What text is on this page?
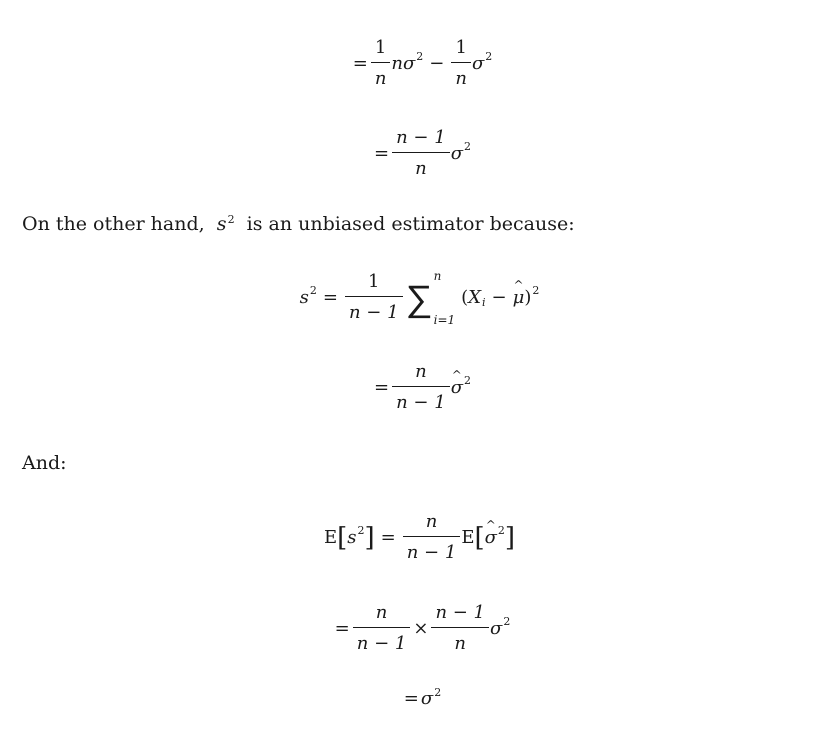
= $\frac{1}{n} n\sigma^2 - \frac{1}{n} \sigma^2$
= $\frac{n - 1}{n} \sigma^2$
On the other hand, $s^2$ is an unbiased estimator because:
$s^2 = \frac{1}{n - 1}$ ∑
n
i=1
( $X_i$ − ^ μ )$^2$
= $\frac{n}{n - 1}$ ^ $\sigma^2$
And:
E [ $s^2$ ] = $\frac{n}{n - 1}$ E [ ^ $\sigma^2$ ]
= $\frac{n}{n - 1} \times \frac{n - 1}{n} \sigma^2$
= $\sigma^2$
